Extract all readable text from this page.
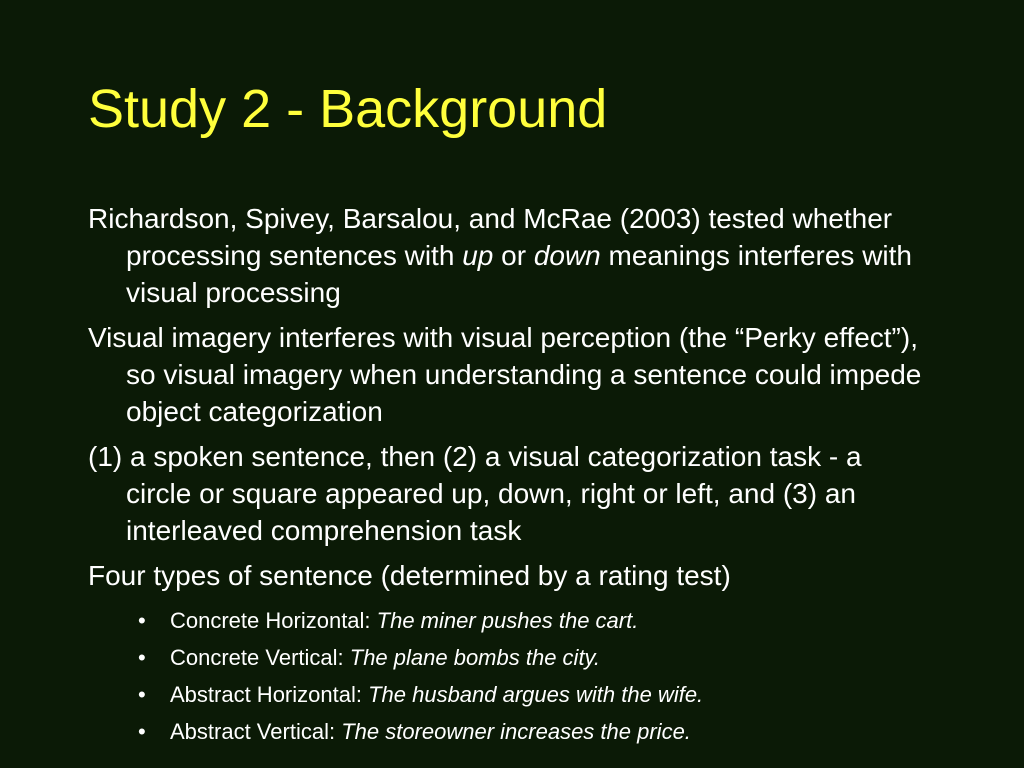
Study 2 - Background

Richardson, Spivey, Barsalou, and McRae (2003) tested whether processing sentences with up or down meanings interferes with visual processing

Visual imagery interferes with visual perception (the “Perky effect”), so visual imagery when understanding a sentence could impede object categorization

(1) a spoken sentence, then (2) a visual categorization task - a circle or square appeared up, down, right or left, and (3) an interleaved comprehension task

Four types of sentence (determined by a rating test)

• Concrete Horizontal: The miner pushes the cart.
• Concrete Vertical: The plane bombs the city.
• Abstract Horizontal: The husband argues with the wife.
• Abstract Vertical: The storeowner increases the price.
